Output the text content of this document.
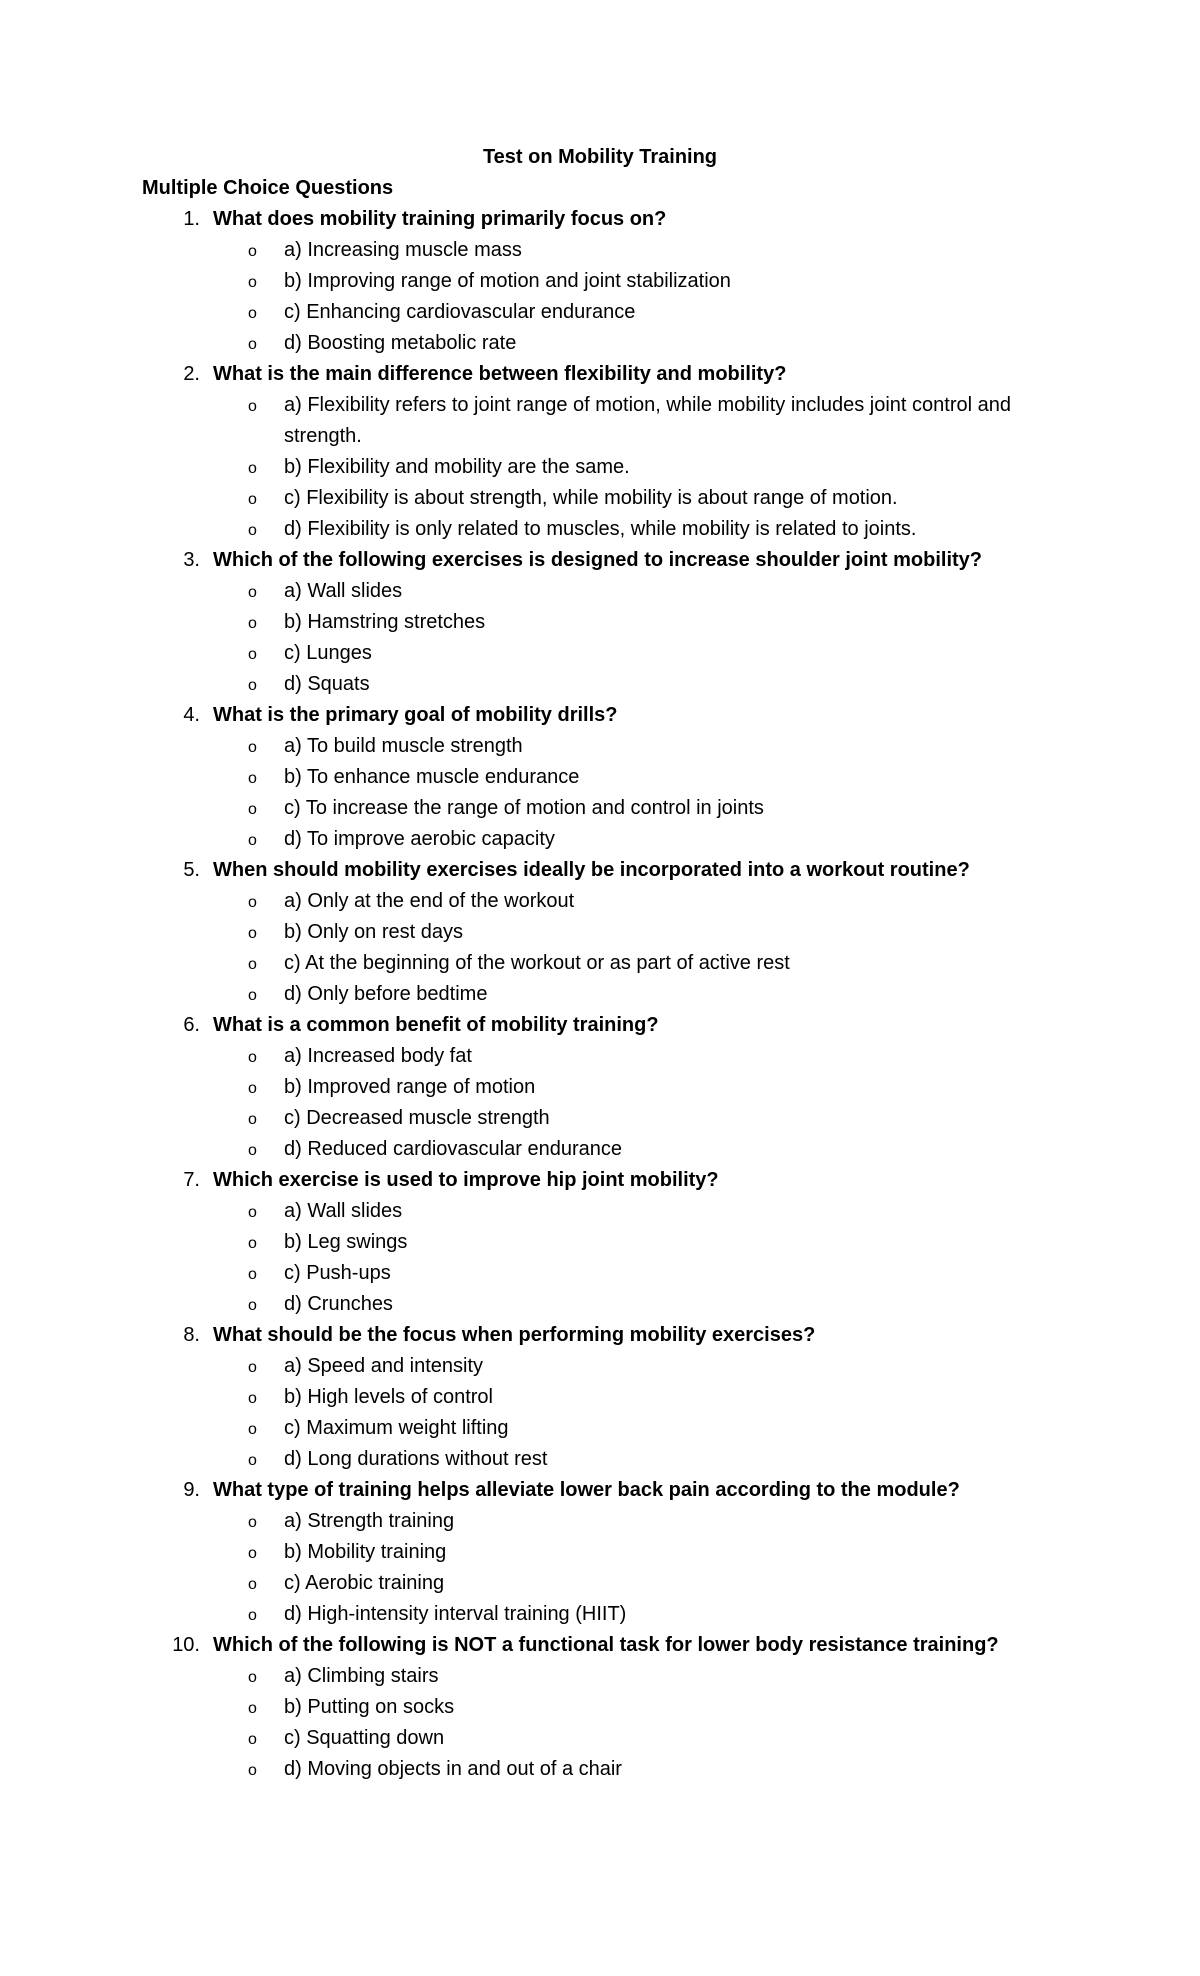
Test on Mobility Training
Multiple Choice Questions
1. What does mobility training primarily focus on?
o a) Increasing muscle mass
o b) Improving range of motion and joint stabilization
o c) Enhancing cardiovascular endurance
o d) Boosting metabolic rate
2. What is the main difference between flexibility and mobility?
o a) Flexibility refers to joint range of motion, while mobility includes joint control and strength.
o b) Flexibility and mobility are the same.
o c) Flexibility is about strength, while mobility is about range of motion.
o d) Flexibility is only related to muscles, while mobility is related to joints.
3. Which of the following exercises is designed to increase shoulder joint mobility?
o a) Wall slides
o b) Hamstring stretches
o c) Lunges
o d) Squats
4. What is the primary goal of mobility drills?
o a) To build muscle strength
o b) To enhance muscle endurance
o c) To increase the range of motion and control in joints
o d) To improve aerobic capacity
5. When should mobility exercises ideally be incorporated into a workout routine?
o a) Only at the end of the workout
o b) Only on rest days
o c) At the beginning of the workout or as part of active rest
o d) Only before bedtime
6. What is a common benefit of mobility training?
o a) Increased body fat
o b) Improved range of motion
o c) Decreased muscle strength
o d) Reduced cardiovascular endurance
7. Which exercise is used to improve hip joint mobility?
o a) Wall slides
o b) Leg swings
o c) Push-ups
o d) Crunches
8. What should be the focus when performing mobility exercises?
o a) Speed and intensity
o b) High levels of control
o c) Maximum weight lifting
o d) Long durations without rest
9. What type of training helps alleviate lower back pain according to the module?
o a) Strength training
o b) Mobility training
o c) Aerobic training
o d) High-intensity interval training (HIIT)
10. Which of the following is NOT a functional task for lower body resistance training?
o a) Climbing stairs
o b) Putting on socks
o c) Squatting down
o d) Moving objects in and out of a chair
